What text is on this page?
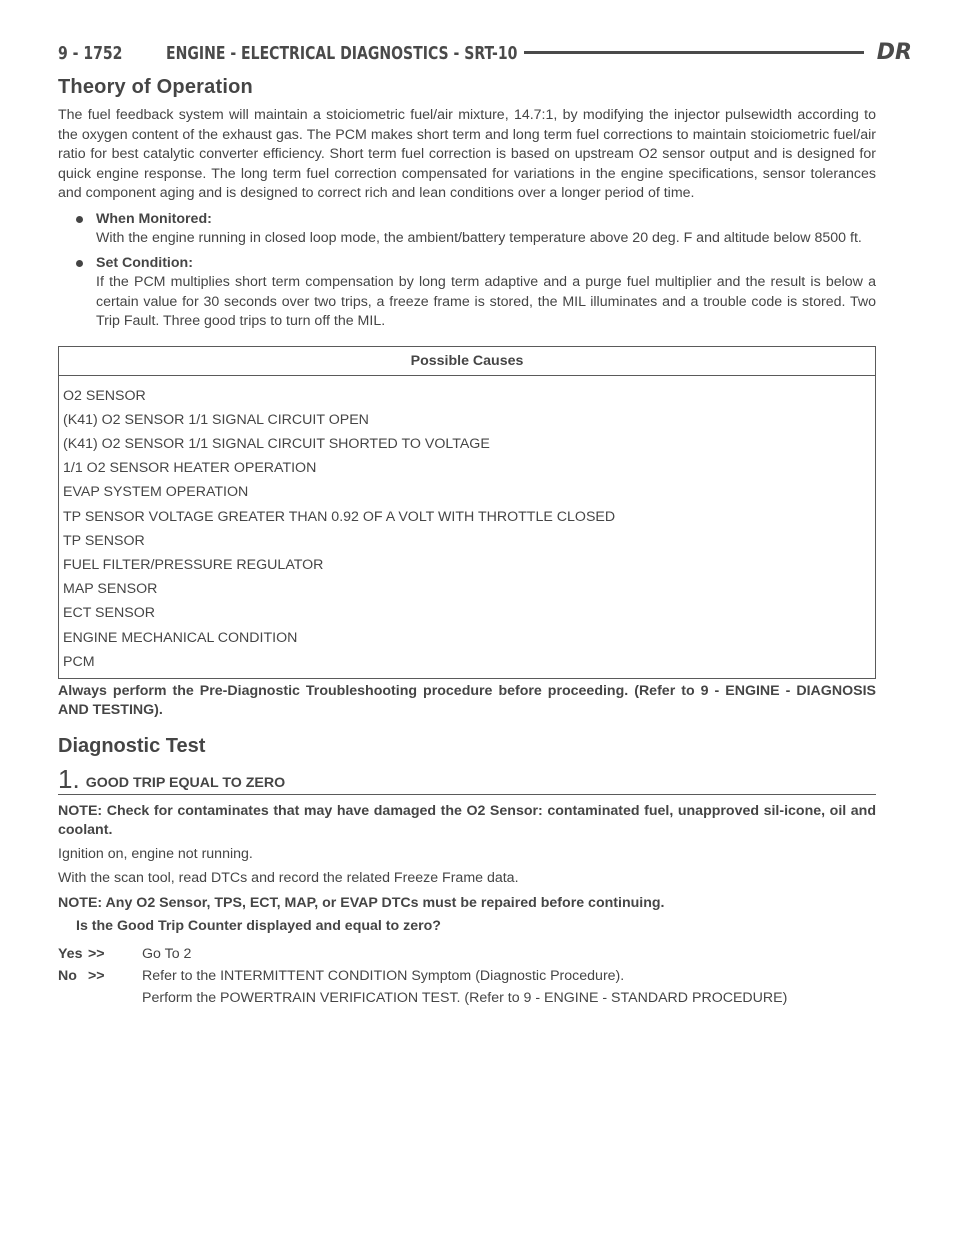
9 - 1752	ENGINE - ELECTRICAL DIAGNOSTICS - SRT-10	DR
Theory of Operation

The fuel feedback system will maintain a stoiciometric fuel/air mixture, 14.7:1, by modifying the injector pulsewidth according to the oxygen content of the exhaust gas. The PCM makes short term and long term fuel corrections to maintain stoiciometric fuel/air ratio for best catalytic converter efficiency. Short term fuel correction is based on upstream O2 sensor output and is designed for quick engine response. The long term fuel correction compensated for variations in the engine specifications, sensor tolerances and component aging and is designed to correct rich and lean conditions over a longer period of time.

When Monitored:
With the engine running in closed loop mode, the ambient/battery temperature above 20 deg. F and altitude below 8500 ft.
Set Condition:
If the PCM multiplies short term compensation by long term adaptive and a purge fuel multiplier and the result is below a certain value for 30 seconds over two trips, a freeze frame is stored, the MIL illuminates and a trouble code is stored. Two Trip Fault. Three good trips to turn off the MIL.
Possible Causes
O2 SENSOR
(K41) O2 SENSOR 1/1 SIGNAL CIRCUIT OPEN
(K41) O2 SENSOR 1/1 SIGNAL CIRCUIT SHORTED TO VOLTAGE
1/1 O2 SENSOR HEATER OPERATION
EVAP SYSTEM OPERATION
TP SENSOR VOLTAGE GREATER THAN 0.92 OF A VOLT WITH THROTTLE CLOSED
TP SENSOR
FUEL FILTER/PRESSURE REGULATOR
MAP SENSOR
ECT SENSOR
ENGINE MECHANICAL CONDITION
PCM

Always perform the Pre-Diagnostic Troubleshooting procedure before proceeding. (Refer to 9 - ENGINE - DIAGNOSIS AND TESTING).

Diagnostic Test
1. GOOD TRIP EQUAL TO ZERO

NOTE: Check for contaminates that may have damaged the O2 Sensor: contaminated fuel, unapproved sil-icone, oil and coolant.

Ignition on, engine not running.

With the scan tool, read DTCs and record the related Freeze Frame data.

NOTE: Any O2 Sensor, TPS, ECT, MAP, or EVAP DTCs must be repaired before continuing.

Is the Good Trip Counter displayed and equal to zero?

Yes >>	Go To 2
No >>	Refer to the INTERMITTENT CONDITION Symptom (Diagnostic Procedure).
Perform the POWERTRAIN VERIFICATION TEST. (Refer to 9 - ENGINE - STANDARD PROCEDURE)
